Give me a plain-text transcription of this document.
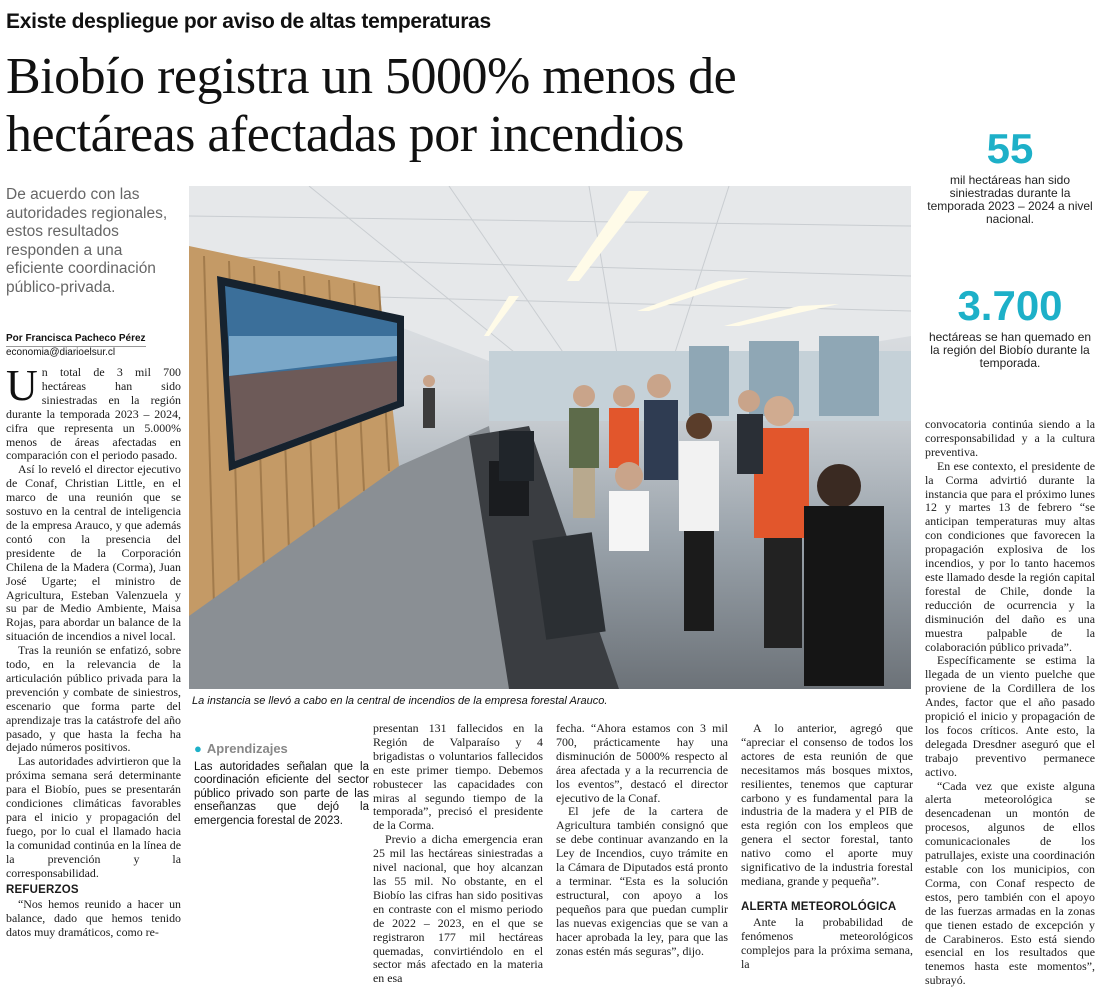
Existe despliegue por aviso de altas temperaturas
Biobío registra un 5000% menos de
hectáreas afectadas por incendios
De acuerdo con las autoridades regionales, estos resultados responden a una eficiente coordinación público-privada.
Por Francisca Pacheco Pérez
economia@diarioelsur.cl
La instancia se llevó a cabo en la central de incendios de la empresa forestal Arauco.
55
mil hectáreas han sido siniestradas durante la temporada 2023 – 2024 a nivel nacional.
3.700
hectáreas se han quemado en la región del Biobío durante la temporada.

Un total de 3 mil 700 hectáreas han sido siniestradas en la región durante la temporada 2023 – 2024, cifra que representa un 5.000% menos de áreas afectadas en comparación con el periodo pasado.

Así lo reveló el director ejecutivo de Conaf, Christian Little, en el marco de una reunión que se sostuvo en la central de inteligencia de la empresa Arauco, y que además contó con la presencia del presidente de la Corporación Chilena de la Madera (Corma), Juan José Ugarte; el ministro de Agricultura, Esteban Valenzuela y su par de Medio Ambiente, Maisa Rojas, para abordar un balance de la situación de incendios a nivel local.

Tras la reunión se enfatizó, sobre todo, en la relevancia de la articulación público privada para la prevención y combate de siniestros, escenario que forma parte del aprendizaje tras la catástrofe del año pasado, y que hasta la fecha ha dejado números positivos.

Las autoridades advirtieron que la próxima semana será determinante para el Biobío, pues se presentarán condiciones climáticas favorables para el inicio y propagación del fuego, por lo cual el llamado hacia la comunidad continúa en la línea de la prevención y la corresponsabilidad.

REFUERZOS

“Nos hemos reunido a hacer un balance, dado que hemos tenido datos muy dramáticos, como re-

● Aprendizajes
Las autoridades señalan que la coordinación eficiente del sector público privado son parte de las enseñanzas que dejó la emergencia forestal de 2023.

presentan 131 fallecidos en la Región de Valparaíso y 4 brigadistas o voluntarios fallecidos en este primer tiempo. Debemos robustecer las capacidades con miras al segundo tiempo de la temporada”, precisó el presidente de la Corma.

Previo a dicha emergencia eran 25 mil las hectáreas siniestradas a nivel nacional, que hoy alcanzan las 55 mil. No obstante, en el Biobío las cifras han sido positivas en contraste con el mismo periodo de 2022 – 2023, en el que se registraron 177 mil hectáreas quemadas, convirtiéndolo en el sector más afectado en la materia en esa

fecha. “Ahora estamos con 3 mil 700, prácticamente hay una disminución de 5000% respecto al área afectada y a la recurrencia de los eventos”, destacó el director ejecutivo de la Conaf.

El jefe de la cartera de Agricultura también consignó que se debe continuar avanzando en la Ley de Incendios, cuyo trámite en la Cámara de Diputados está pronto a terminar. “Esta es la solución estructural, con apoyo a los pequeños para que puedan cumplir las nuevas exigencias que se van a hacer aprobada la ley, para que las zonas estén más seguras”, dijo.

A lo anterior, agregó que “apreciar el consenso de todos los actores de esta reunión de que necesitamos más bosques mixtos, resilientes, tenemos que capturar carbono y es fundamental para la industria de la madera y el PIB de esta región con los empleos que genera el sector forestal, tanto nativo como el aporte muy significativo de la industria forestal mediana, grande y pequeña”.

ALERTA METEOROLÓGICA

Ante la probabilidad de fenómenos meteorológicos complejos para la próxima semana, la

convocatoria continúa siendo a la corresponsabilidad y a la cultura preventiva.

En ese contexto, el presidente de la Corma advirtió durante la instancia que para el próximo lunes 12 y martes 13 de febrero “se anticipan temperaturas muy altas con condiciones que favorecen la propagación explosiva de los incendios, y por lo tanto hacemos este llamado desde la región capital forestal de Chile, donde la reducción de ocurrencia y la disminución del daño es una muestra palpable de la colaboración público privada”.

Específicamente se estima la llegada de un viento puelche que proviene de la Cordillera de los Andes, factor que el año pasado propició el inicio y propagación de los focos críticos. Ante esto, la delegada Dresdner aseguró que el trabajo preventivo permanece activo.

“Cada vez que existe alguna alerta meteorológica se desencadenan un montón de procesos, algunos de ellos comunicacionales de los patrullajes, existe una coordinación estable con los municipios, con Corma, con Conaf respecto de estos, pero también con el apoyo de las fuerzas armadas en la zonas que tienen estado de excepción y de Carabineros. Esto está siendo esencial en los resultados que tenemos hasta este momentos”, subrayó.
